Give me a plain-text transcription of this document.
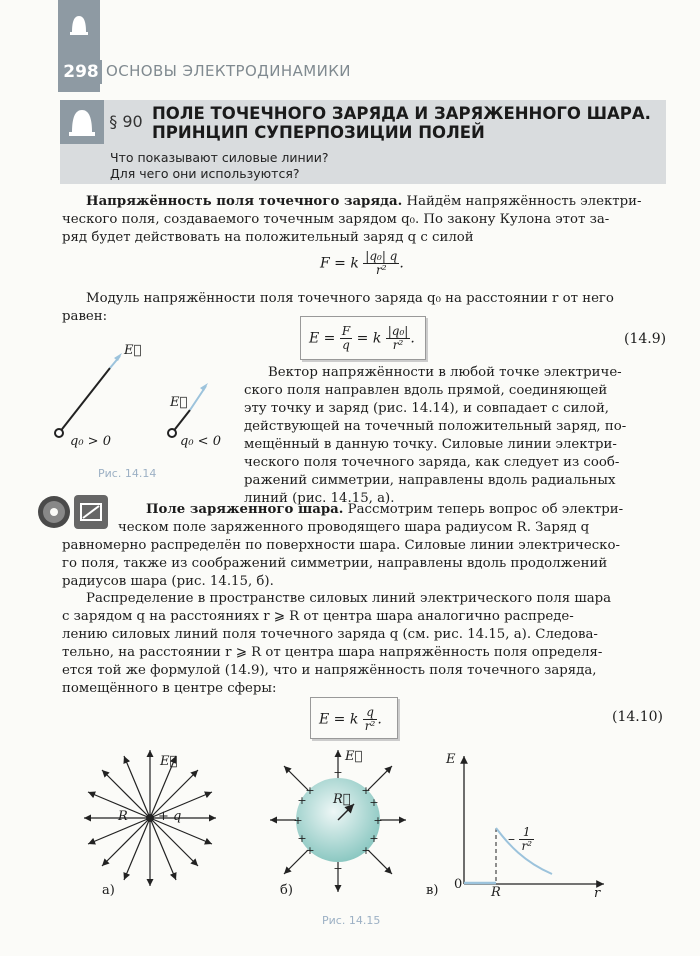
298 ОСНОВЫ ЭЛЕКТРОДИНАМИКИ
§ 90 ПОЛЕ ТОЧЕЧНОГО ЗАРЯДА И ЗАРЯЖЕННОГО ШАРА.
ПРИНЦИП СУПЕРПОЗИЦИИ ПОЛЕЙ
Что показывают силовые линии?
Для чего они используются?
Напряжённость поля точечного заряда. Найдём напряжённость электри-
ческого поля, создаваемого точечным зарядом q₀. По закону Кулона этот за-
ряд будет действовать на положительный заряд q с силой
F = k $\frac{\text{|q₀| q}}{\text{r²}}$ .
Модуль напряжённости поля точечного заряда q₀ на расстоянии r от него
равен:
$E = \frac{F}{q} = k \frac{\text{|q₀|}}{\text{r²}}$ .	(14.9)
E⃗
E⃗
q₀ > 0	q₀ < 0
Рис. 14.14
Вектор напряжённости в любой точке электриче-
ского поля направлен вдоль прямой, соединяющей
эту точку и заряд (рис. 14.14), и совпадает с силой,
действующей на точечный положительный заряд, по-
мещённый в данную точку. Силовые линии электри-
ческого поля точечного заряда, как следует из сооб-
ражений симметрии, направлены вдоль радиальных
линий (рис. 14.15, а).
Поле заряженного шара. Рассмотрим теперь вопрос об электри-
ческом поле заряженного проводящего шара радиусом R. Заряд q
равномерно распределён по поверхности шара. Силовые линии электрическо-
го поля, также из соображений симметрии, направлены вдоль продолжений
радиусов шара (рис. 14.15, б).
Распределение в пространстве силовых линий электрического поля шара
с зарядом q на расстояниях r ⩾ R от центра шара аналогично распреде-
лению силовых линий поля точечного заряда q (см. рис. 14.15, а). Следова-
тельно, на расстоянии r ⩾ R от центра шара напряжённость поля определя-
ется той же формулой (14.9), что и напряжённость поля точечного заряда,
помещённого в центре сферы:
E = k $\frac{q}{\text{r²}}$ .	(14.10)
E⃗
R + q
а)
+
+
+	+
+	+
+	+
+	+
+	+
E⃗
R⃗
б)
E
r
0
R
– $\frac{1}{\text{r²}}$
в)
Рис. 14.15
